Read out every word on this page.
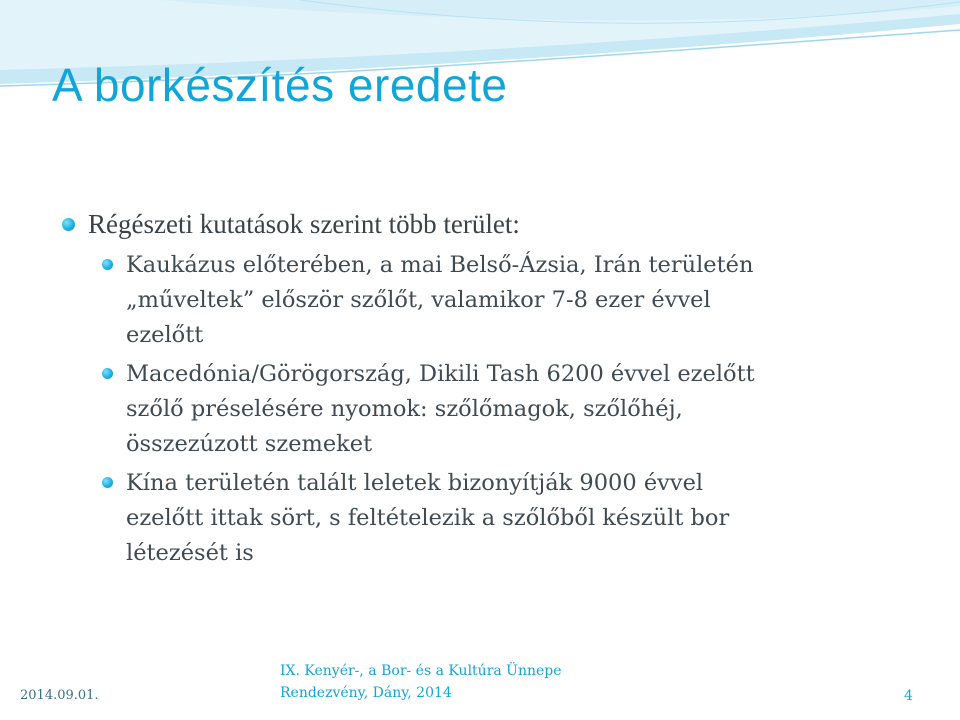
A borkészítés eredete
Régészeti kutatások szerint több terület:
Kaukázus előterében, a mai Belső-Ázsia, Irán területén
„műveltek” először szőlőt, valamikor 7-8 ezer évvel
ezelőtt
Macedónia/Görögország, Dikili Tash 6200 évvel ezelőtt
szőlő préselésére nyomok: szőlőmagok, szőlőhéj,
összezúzott szemeket
Kína területén talált leletek bizonyítják 9000 évvel
ezelőtt ittak sört, s feltételezik a szőlőből készült bor
létezését is
2014.09.01.
IX. Kenyér-, a Bor- és a Kultúra Ünnepe
Rendezvény, Dány, 2014	4
